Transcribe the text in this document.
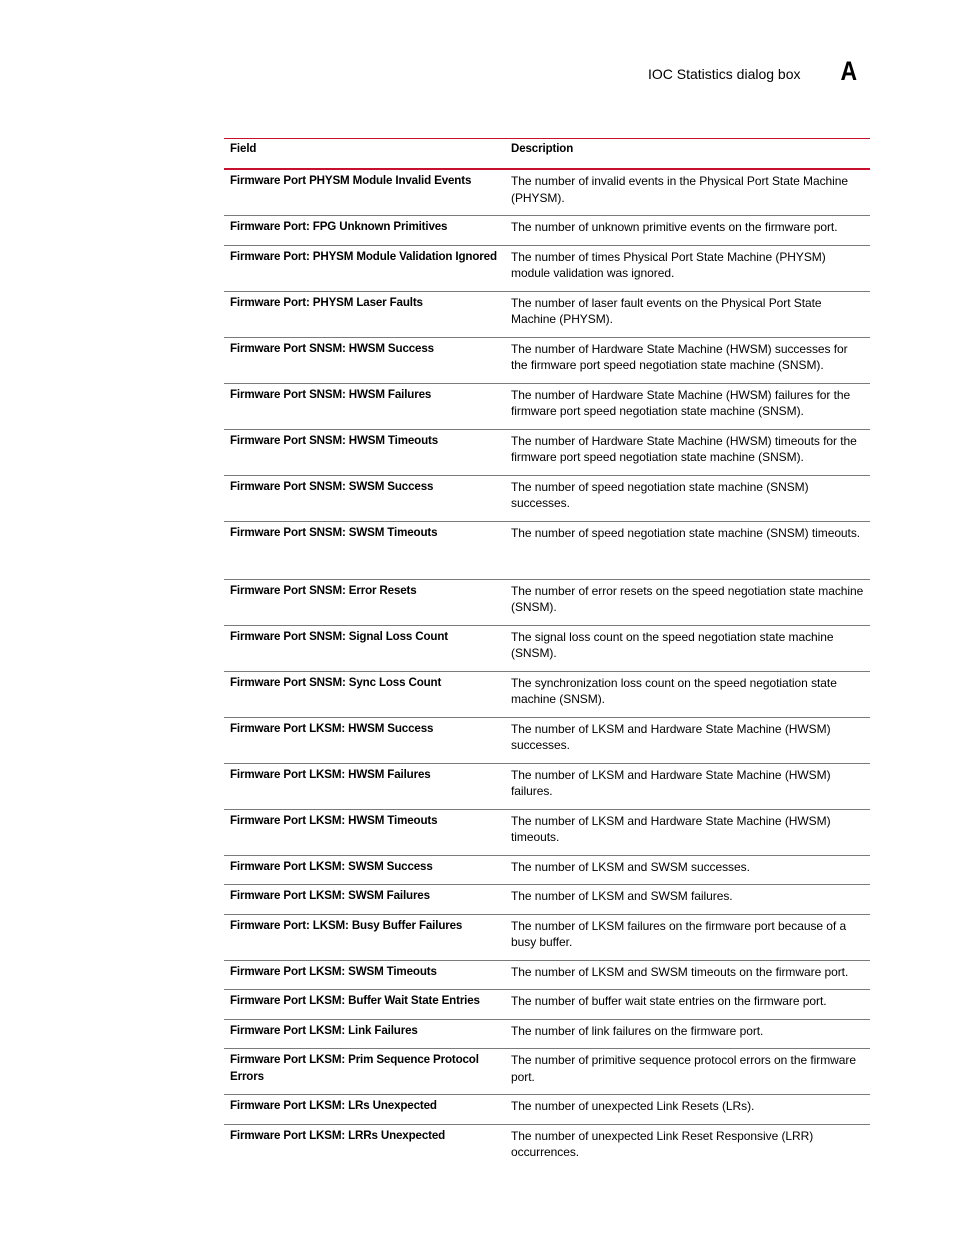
IOC Statistics dialog box A
Field	Description
Firmware Port PHYSM Module Invalid Events	The number of invalid events in the Physical Port State Machine (PHYSM).
Firmware Port: FPG Unknown Primitives	The number of unknown primitive events on the firmware port.
Firmware Port: PHYSM Module Validation Ignored	The number of times Physical Port State Machine (PHYSM) module validation was ignored.
Firmware Port: PHYSM Laser Faults	The number of laser fault events on the Physical Port State Machine (PHYSM).
Firmware Port SNSM: HWSM Success	The number of Hardware State Machine (HWSM) successes for the firmware port speed negotiation state machine (SNSM).
Firmware Port SNSM: HWSM Failures	The number of Hardware State Machine (HWSM) failures for the firmware port speed negotiation state machine (SNSM).
Firmware Port SNSM: HWSM Timeouts	The number of Hardware State Machine (HWSM) timeouts for the firmware port speed negotiation state machine (SNSM).
Firmware Port SNSM: SWSM Success	The number of speed negotiation state machine (SNSM) successes.
Firmware Port SNSM: SWSM Timeouts	The number of speed negotiation state machine (SNSM) timeouts.
Firmware Port SNSM: Error Resets	The number of error resets on the speed negotiation state machine (SNSM).
Firmware Port SNSM: Signal Loss Count	The signal loss count on the speed negotiation state machine (SNSM).
Firmware Port SNSM: Sync Loss Count	The synchronization loss count on the speed negotiation state machine (SNSM).
Firmware Port LKSM: HWSM Success	The number of LKSM and Hardware State Machine (HWSM) successes.
Firmware Port LKSM: HWSM Failures	The number of LKSM and Hardware State Machine (HWSM) failures.
Firmware Port LKSM: HWSM Timeouts	The number of LKSM and Hardware State Machine (HWSM) timeouts.
Firmware Port LKSM: SWSM Success	The number of LKSM and SWSM successes.
Firmware Port LKSM: SWSM Failures	The number of LKSM and SWSM failures.
Firmware Port: LKSM: Busy Buffer Failures	The number of LKSM failures on the firmware port because of a busy buffer.
Firmware Port LKSM: SWSM Timeouts	The number of LKSM and SWSM timeouts on the firmware port.
Firmware Port LKSM: Buffer Wait State Entries	The number of buffer wait state entries on the firmware port.
Firmware Port LKSM: Link Failures	The number of link failures on the firmware port.
Firmware Port LKSM: Prim Sequence Protocol Errors	The number of primitive sequence protocol errors on the firmware port.
Firmware Port LKSM: LRs Unexpected	The number of unexpected Link Resets (LRs).
Firmware Port LKSM: LRRs Unexpected	The number of unexpected Link Reset Responsive (LRR) occurrences.
